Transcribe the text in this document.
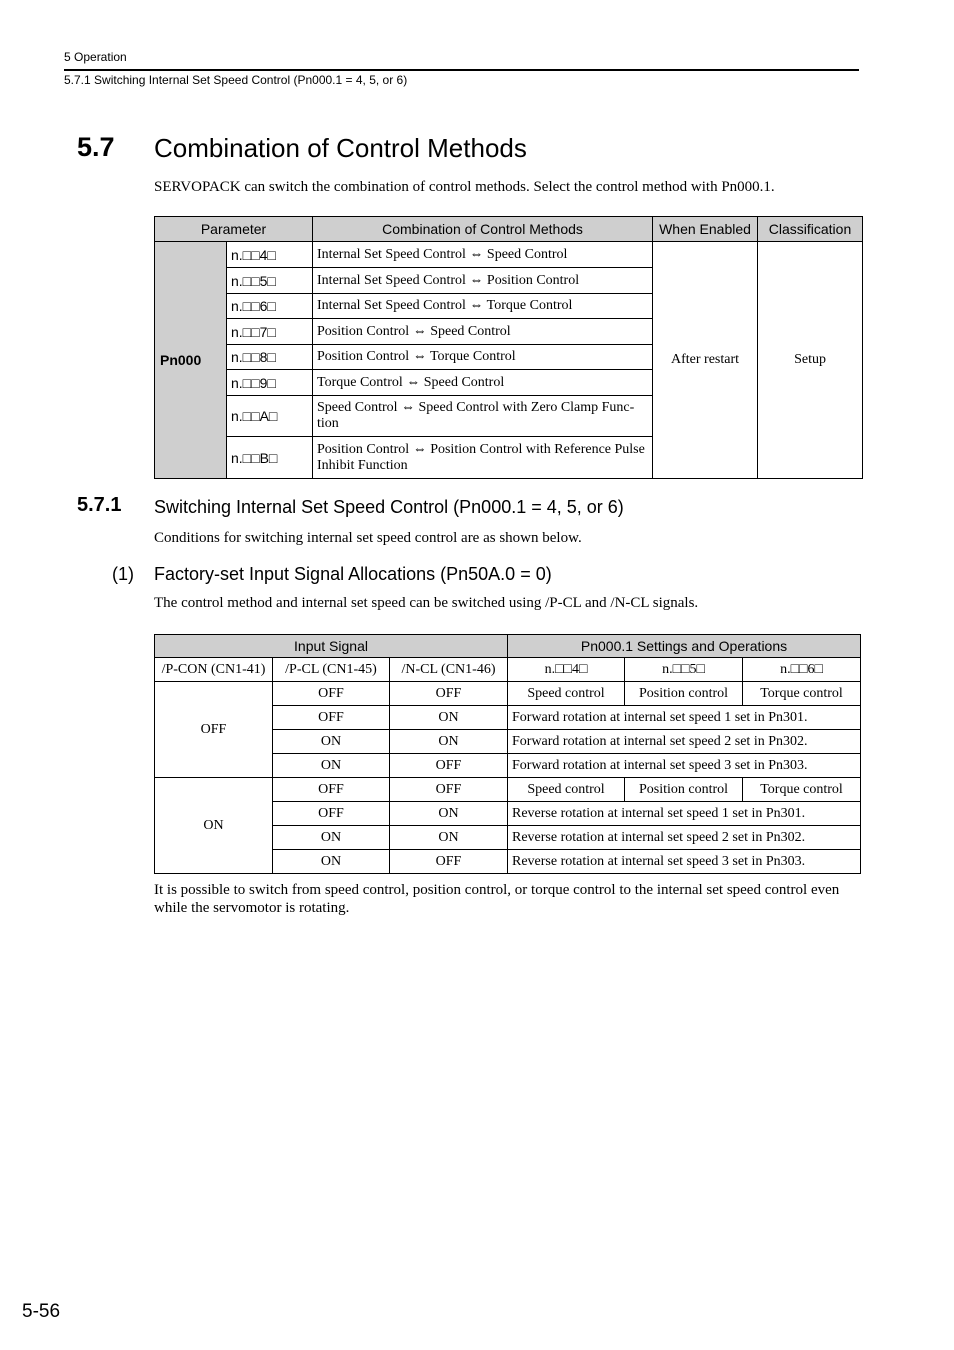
5 Operation
5.7.1 Switching Internal Set Speed Control (Pn000.1 = 4, 5, or 6)
5.7 Combination of Control Methods
SERVOPACK can switch the combination of control methods. Select the control method with Pn000.1.
Parameter		Combination of Control Methods	When Enabled	Classification
Pn000	n.□□4□	Internal Set Speed Control ⇔ Speed Control	After restart	Setup
	n.□□5□	Internal Set Speed Control ⇔ Position Control		
	n.□□6□	Internal Set Speed Control ⇔ Torque Control		
	n.□□7□	Position Control ⇔ Speed Control		
	n.□□8□	Position Control ⇔ Torque Control		
	n.□□9□	Torque Control ⇔ Speed Control		
	n.□□A□	Speed Control ⇔ Speed Control with Zero Clamp Func-tion		
	n.□□B□	Position Control ⇔ Position Control with Reference Pulse Inhibit Function		
5.7.1 Switching Internal Set Speed Control (Pn000.1 = 4, 5, or 6)
Conditions for switching internal set speed control are as shown below.
(1) Factory-set Input Signal Allocations (Pn50A.0 = 0)
The control method and internal set speed can be switched using /P-CL and /N-CL signals.
Input Signal			Pn000.1 Settings and Operations		
/P-CON (CN1-41)	/P-CL (CN1-45)	/N-CL (CN1-46)	n.□□4□	n.□□5□	n.□□6□
OFF	OFF	OFF	Speed control	Position control	Torque control
	OFF	ON	Forward rotation at internal set speed 1 set in Pn301.		
	ON	ON	Forward rotation at internal set speed 2 set in Pn302.		
	ON	OFF	Forward rotation at internal set speed 3 set in Pn303.		
ON	OFF	OFF	Speed control	Position control	Torque control
	OFF	ON	Reverse rotation at internal set speed 1 set in Pn301.		
	ON	ON	Reverse rotation at internal set speed 2 set in Pn302.		
	ON	OFF	Reverse rotation at internal set speed 3 set in Pn303.		
It is possible to switch from speed control, position control, or torque control to the internal set speed control even while the servomotor is rotating.
5-56
